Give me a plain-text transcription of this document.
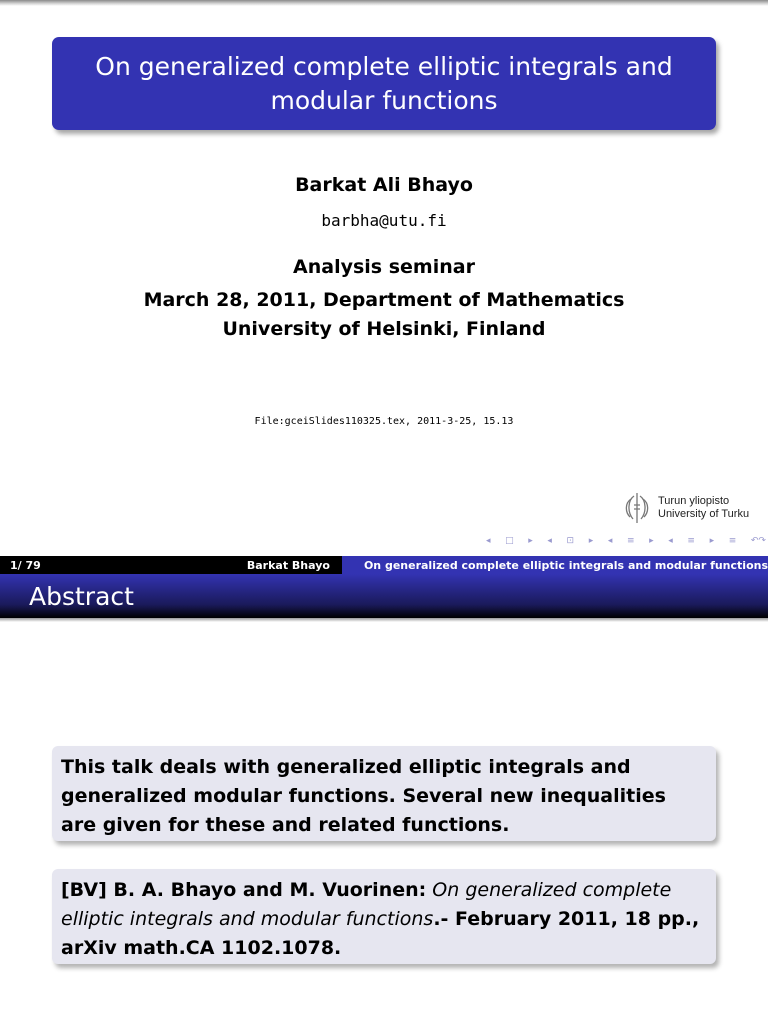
On generalized complete elliptic integrals and modular functions
Barkat Ali Bhayo
barbha@utu.fi
Analysis seminar
March 28, 2011, Department of Mathematics
University of Helsinki, Finland
File:gceiSlides110325.tex, 2011-3-25, 15.13
Turun yliopisto
University of Turku
◂ □ ▸ ◂ ⊡ ▸ ◂ ≡ ▸ ◂ ≡ ▸ ≡ ↶↷
1/ 79	Barkat Bhayo	On generalized complete elliptic integrals and modular functions
Abstract
This talk deals with generalized elliptic integrals and generalized modular functions. Several new inequalities are given for these and related functions.
[BV] B. A. Bhayo and M. Vuorinen: On generalized complete elliptic integrals and modular functions.- February 2011, 18 pp., arXiv math.CA 1102.1078.
